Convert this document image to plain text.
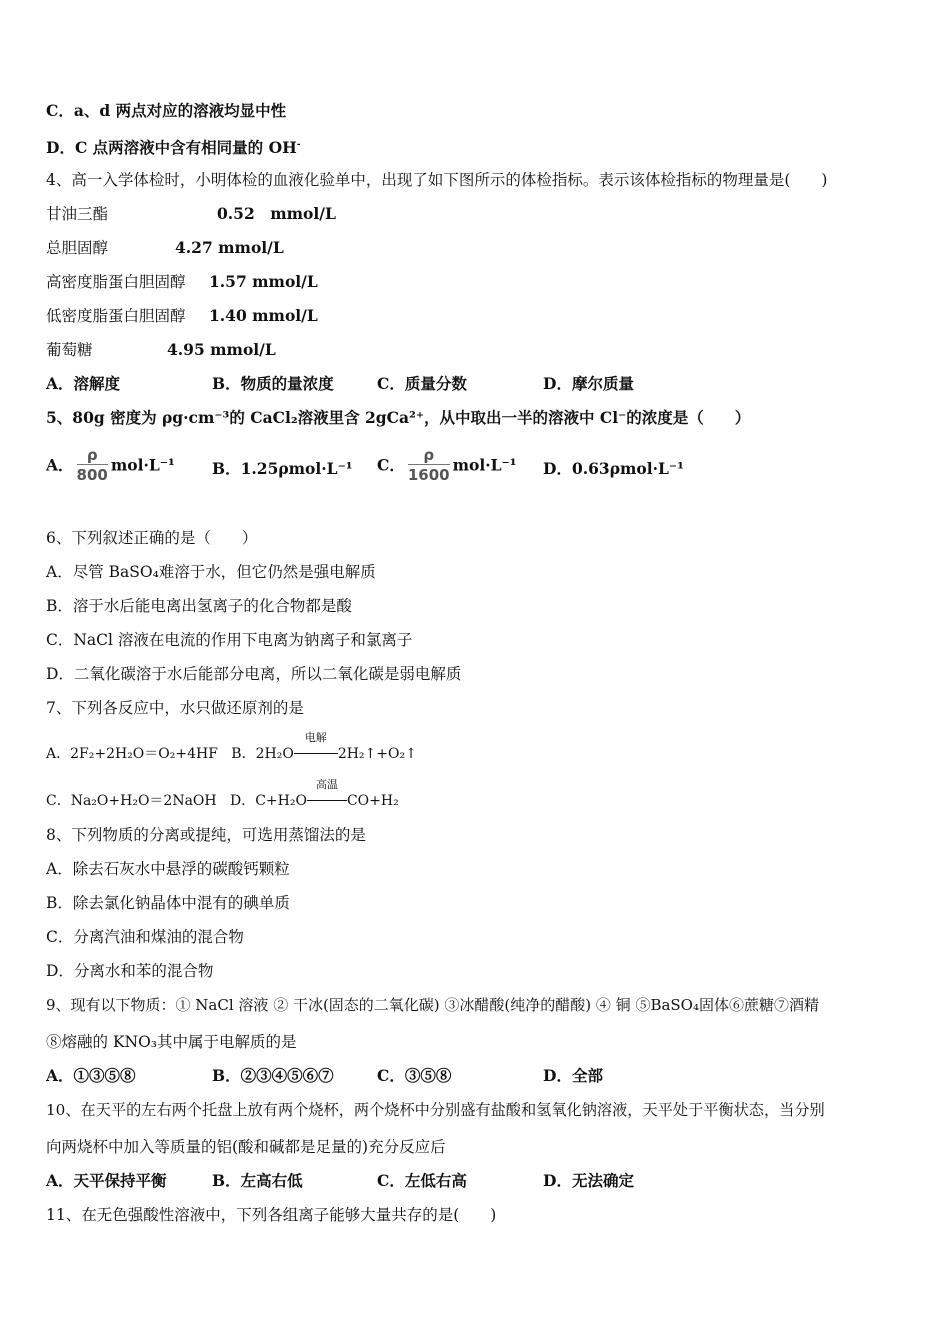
C．a、d 两点对应的溶液均显中性
D．C 点两溶液中含有相同量的 OH-
4、高一入学体检时，小明体检的血液化验单中，出现了如下图所示的体检指标。表示该体检指标的物理量是(　　)
甘油三酯	0.52　mmol/L
总胆固醇	4.27 mmol/L
高密度脂蛋白胆固醇 1.57 mmol/L
低密度脂蛋白胆固醇 1.40 mmol/L
葡萄糖	4.95 mmol/L
A．溶解度	B．物质的量浓度	C．质量分数	D．摩尔质量
5、80g 密度为 ρg·cm⁻³的 CaCl₂溶液里含 2gCa²⁺，从中取出一半的溶液中 Cl⁻的浓度是（　　）
A． $\frac{\rho}{800} mol\cdot L^{-1}$ B．1.25ρmol·L⁻¹ C． $\frac{\rho}{1600} mol\cdot L^{-1}$ D．0.63ρmol·L⁻¹
6、下列叙述正确的是（　　）
A．尽管 BaSO₄难溶于水，但它仍然是强电解质
B．溶于水后能电离出氢离子的化合物都是酸
C．NaCl 溶液在电流的作用下电离为钠离子和氯离子
D．二氧化碳溶于水后能部分电离，所以二氧化碳是弱电解质
7、下列各反应中，水只做还原剂的是
A．2F₂+2H₂O＝O₂+4HF B．2H₂O
电解
2H₂↑+O₂↑
C．Na₂O+H₂O＝2NaOH D．C+H₂O
高温
CO+H₂
8、下列物质的分离或提纯，可选用蒸馏法的是
A．除去石灰水中悬浮的碳酸钙颗粒
B．除去氯化钠晶体中混有的碘单质
C．分离汽油和煤油的混合物
D．分离水和苯的混合物
9、现有以下物质：① NaCl 溶液 ② 干冰(固态的二氧化碳) ③冰醋酸(纯净的醋酸) ④ 铜 ⑤BaSO₄固体⑥蔗糖⑦酒精
⑧熔融的 KNO₃其中属于电解质的是
A．①③⑤⑧	B．②③④⑤⑥⑦	C．③⑤⑧	D．全部
10、在天平的左右两个托盘上放有两个烧杯，两个烧杯中分别盛有盐酸和氢氧化钠溶液，天平处于平衡状态，当分别
向两烧杯中加入等质量的铝(酸和碱都是足量的)充分反应后
A．天平保持平衡	B．左高右低	C．左低右高	D．无法确定
11、在无色强酸性溶液中，下列各组离子能够大量共存的是(　　)
